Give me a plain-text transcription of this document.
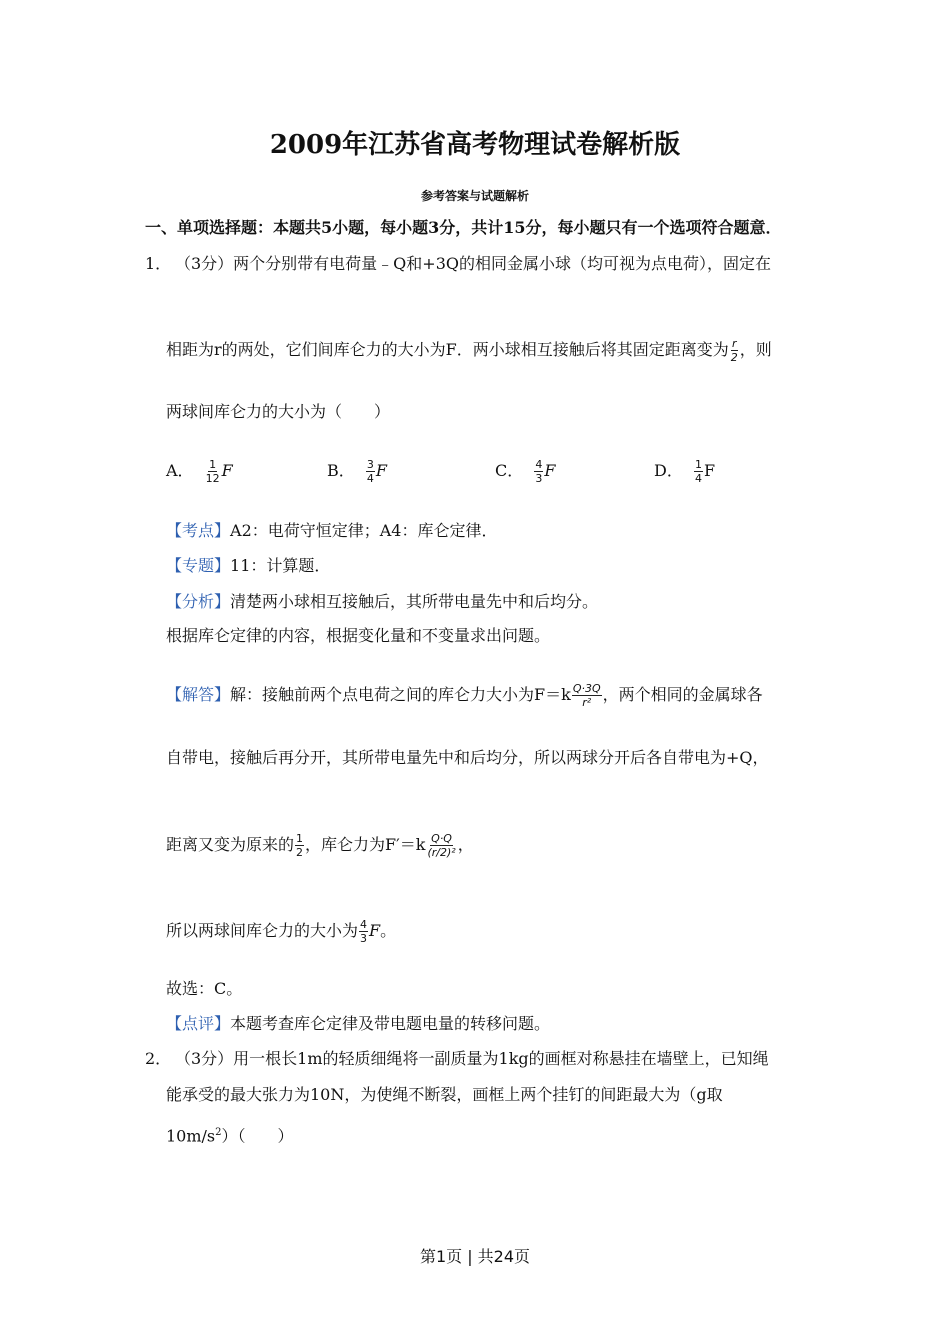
2009年江苏省高考物理试卷解析版
参考答案与试题解析
一、单项选择题：本题共5小题，每小题3分，共计15分，每小题只有一个选项符合题意．
1． （3分）两个分别带有电荷量﹣Q和+3Q的相同金属小球（均可视为点电荷），固定在
相距为r的两处，它们间库仑力的大小为F．两小球相互接触后将其固定距离变为 $\frac{r}{2}$ ，则
两球间库仑力的大小为（　　）
A． $\frac{1}{12}$ F	B． $\frac{3}{4}$ F	C． $\frac{4}{3}$ F	D． $\frac{1}{4}$ F
【考点】A2：电荷守恒定律；A4：库仑定律．
【专题】11：计算题．
【分析】清楚两小球相互接触后，其所带电量先中和后均分。
根据库仑定律的内容，根据变化量和不变量求出问题。
【解答】解：接触前两个点电荷之间的库仑力大小为$F=k \frac{Q\cdot 3Q}{\text{r²}}$ ，两个相同的金属球各
自带电，接触后再分开，其所带电量先中和后均分，所以两球分开后各自带电为+Q，
距离又变为原来的 $\frac{1}{2}$ ，库仑力为$F'=k \frac{Q\cdot Q}{\text{(r/2)²}}$ ，
所以两球间库仑力的大小为 $\frac{4}{3}$ F。
故选：C。
【点评】本题考查库仑定律及带电题电量的转移问题。
2． （3分）用一根长1m的轻质细绳将一副质量为1kg的画框对称悬挂在墙壁上，已知绳
能承受的最大张力为10N，为使绳不断裂，画框上两个挂钉的间距最大为（g取
$10m/s^2$）（　　）
第1页 | 共24页
